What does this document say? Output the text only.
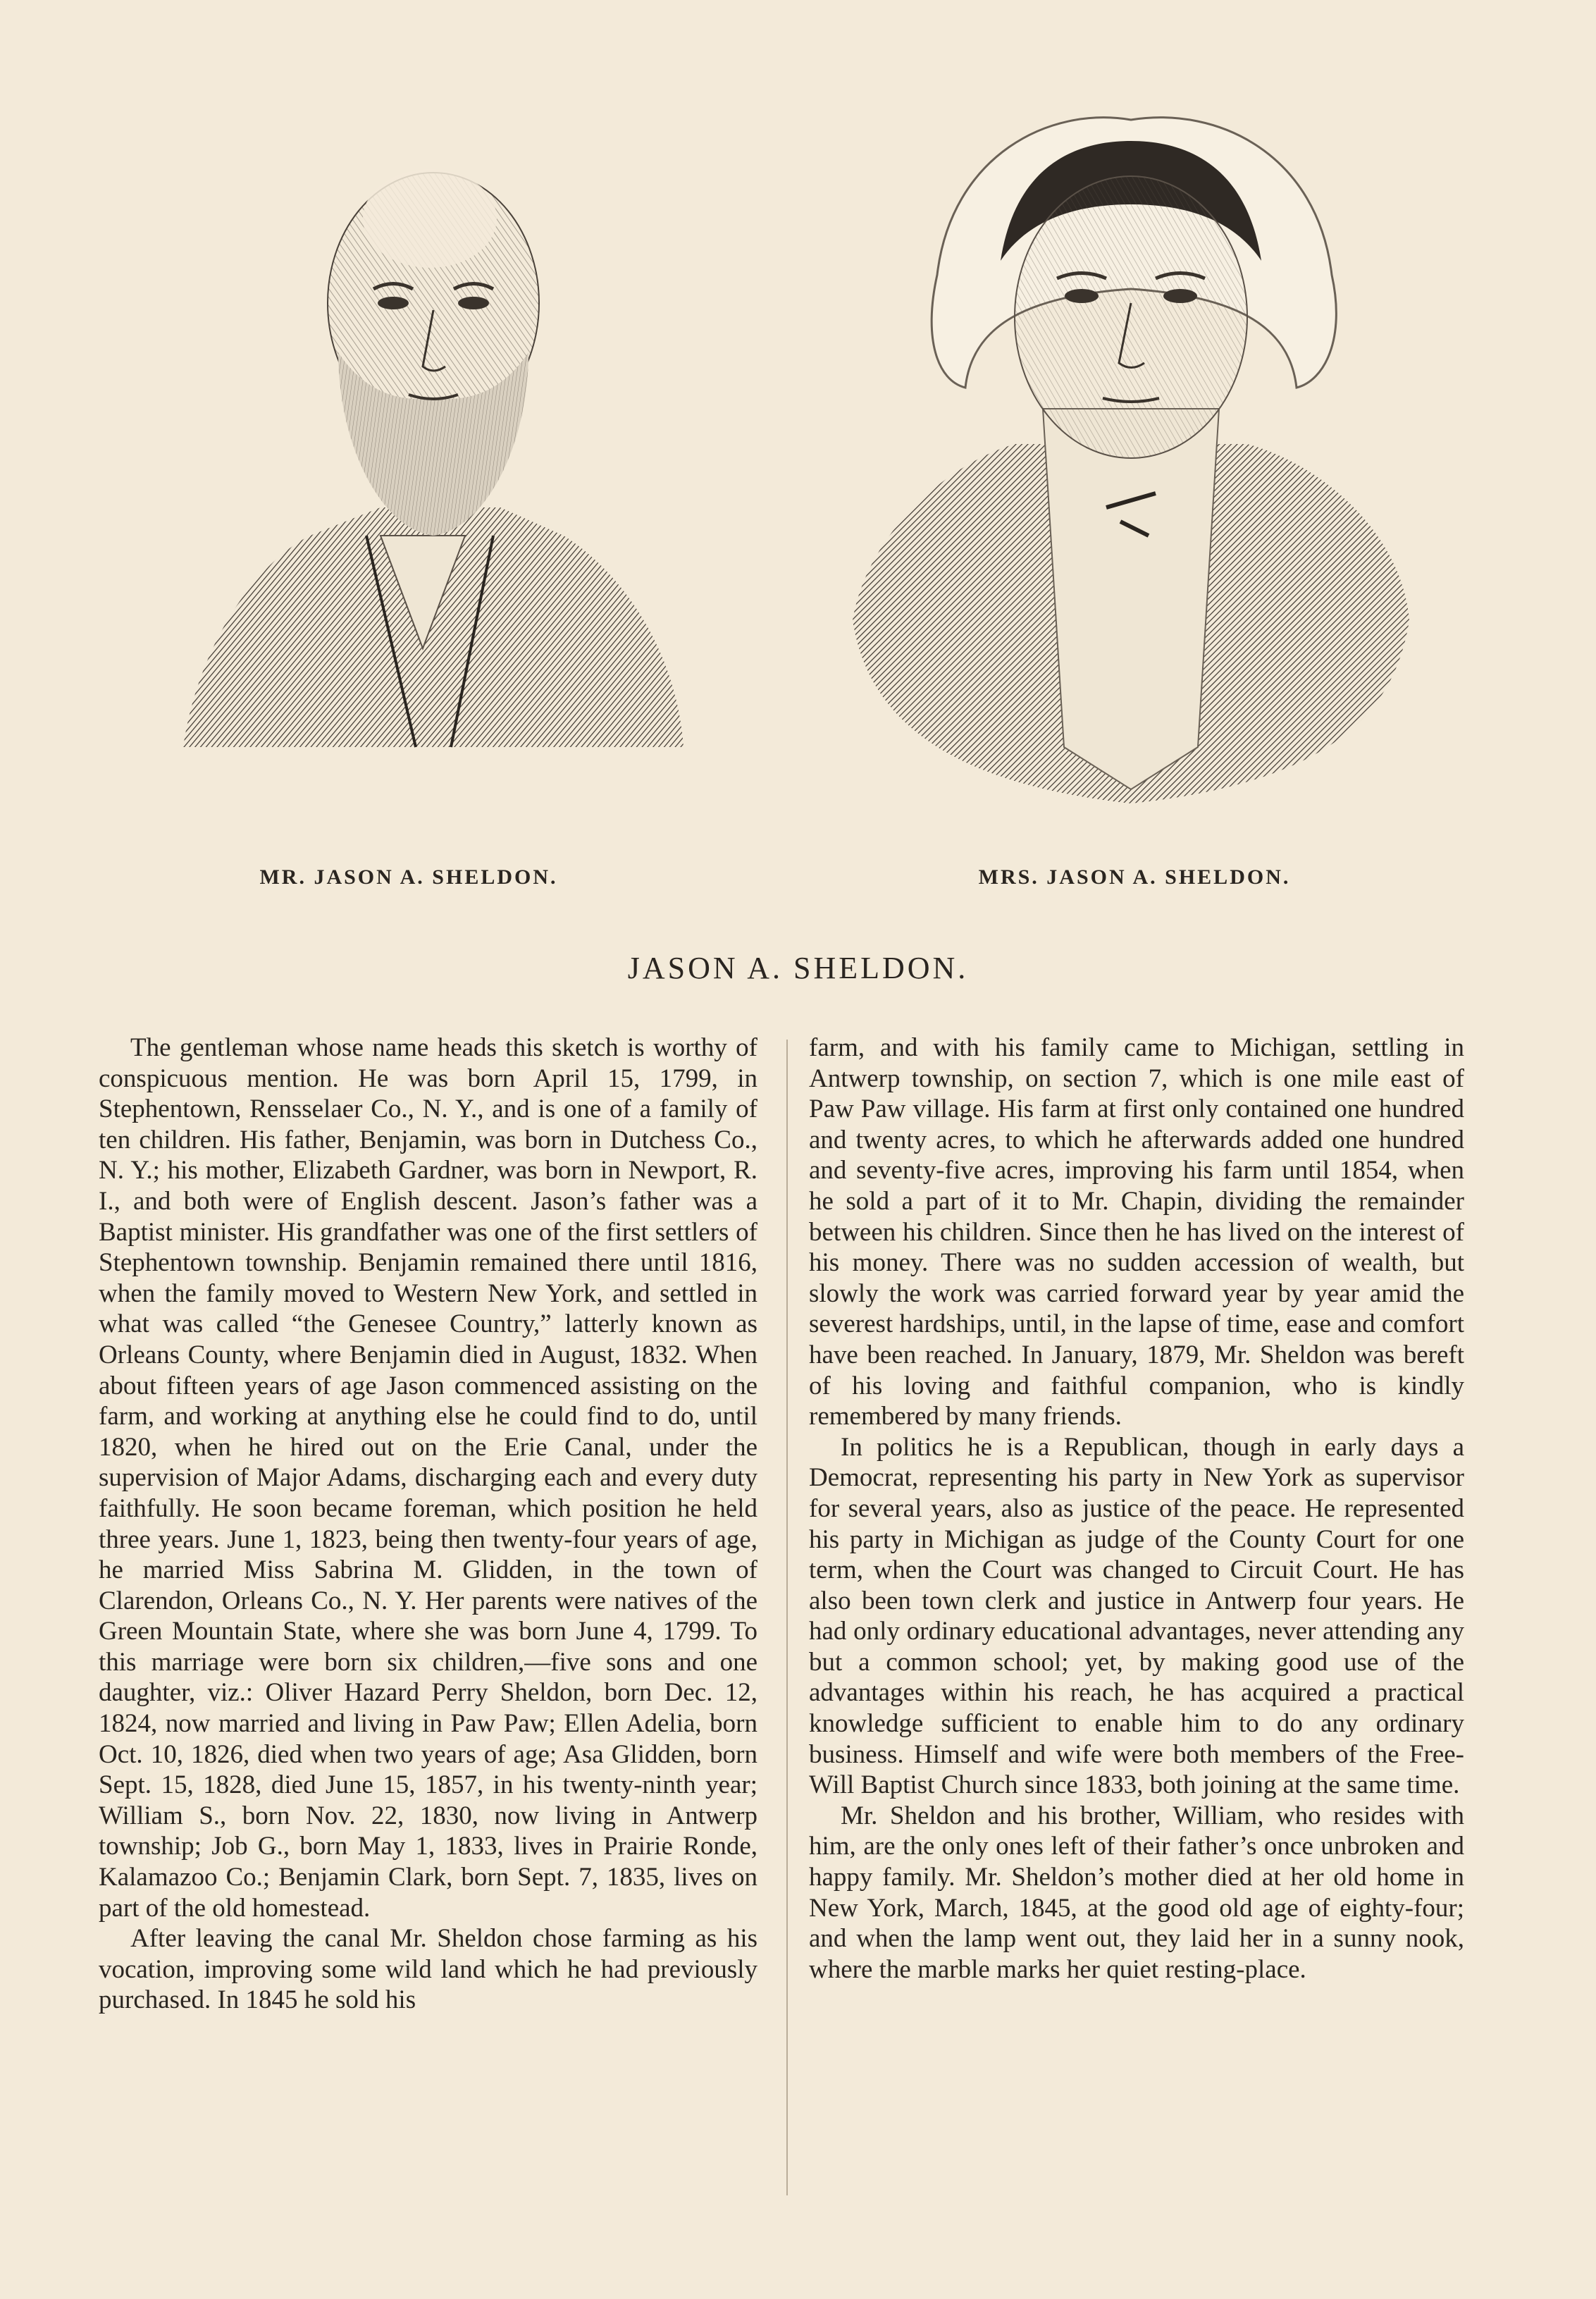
MR. JASON A. SHELDON.	MRS. JASON A. SHELDON.
JASON A. SHELDON.

The gentleman whose name heads this sketch is worthy of conspicuous mention. He was born April 15, 1799, in Stephentown, Rensselaer Co., N. Y., and is one of a family of ten children. His father, Benjamin, was born in Dutchess Co., N. Y.; his mother, Elizabeth Gardner, was born in Newport, R. I., and both were of English descent. Jason’s father was a Baptist minister. His grandfather was one of the first settlers of Stephentown township. Benjamin remained there until 1816, when the family moved to Western New York, and settled in what was called “the Genesee Country,” latterly known as Orleans County, where Benjamin died in August, 1832. When about fifteen years of age Jason commenced assisting on the farm, and working at anything else he could find to do, until 1820, when he hired out on the Erie Canal, under the supervision of Major Adams, discharging each and every duty faithfully. He soon became foreman, which position he held three years. June 1, 1823, being then twenty-four years of age, he married Miss Sabrina M. Glidden, in the town of Clarendon, Orleans Co., N. Y. Her parents were natives of the Green Mountain State, where she was born June 4, 1799. To this marriage were born six children,—five sons and one daughter, viz.: Oliver Hazard Perry Sheldon, born Dec. 12, 1824, now married and living in Paw Paw; Ellen Adelia, born Oct. 10, 1826, died when two years of age; Asa Glidden, born Sept. 15, 1828, died June 15, 1857, in his twenty-ninth year; William S., born Nov. 22, 1830, now living in Antwerp township; Job G., born May 1, 1833, lives in Prairie Ronde, Kalamazoo Co.; Benjamin Clark, born Sept. 7, 1835, lives on part of the old homestead.

After leaving the canal Mr. Sheldon chose farming as his vocation, improving some wild land which he had previously purchased. In 1845 he sold his

farm, and with his family came to Michigan, settling in Antwerp township, on section 7, which is one mile east of Paw Paw village. His farm at first only contained one hundred and twenty acres, to which he afterwards added one hundred and seventy-five acres, improving his farm until 1854, when he sold a part of it to Mr. Chapin, dividing the remainder between his children. Since then he has lived on the interest of his money. There was no sudden accession of wealth, but slowly the work was carried forward year by year amid the severest hardships, until, in the lapse of time, ease and comfort have been reached. In January, 1879, Mr. Sheldon was bereft of his loving and faithful companion, who is kindly remembered by many friends.

In politics he is a Republican, though in early days a Democrat, representing his party in New York as supervisor for several years, also as justice of the peace. He represented his party in Michigan as judge of the County Court for one term, when the Court was changed to Circuit Court. He has also been town clerk and justice in Antwerp four years. He had only ordinary educational advantages, never attending any but a common school; yet, by making good use of the advantages within his reach, he has acquired a practical knowledge sufficient to enable him to do any ordinary business. Himself and wife were both members of the Free-Will Baptist Church since 1833, both joining at the same time.

Mr. Sheldon and his brother, William, who resides with him, are the only ones left of their father’s once unbroken and happy family. Mr. Sheldon’s mother died at her old home in New York, March, 1845, at the good old age of eighty-four; and when the lamp went out, they laid her in a sunny nook, where the marble marks her quiet resting-place.
